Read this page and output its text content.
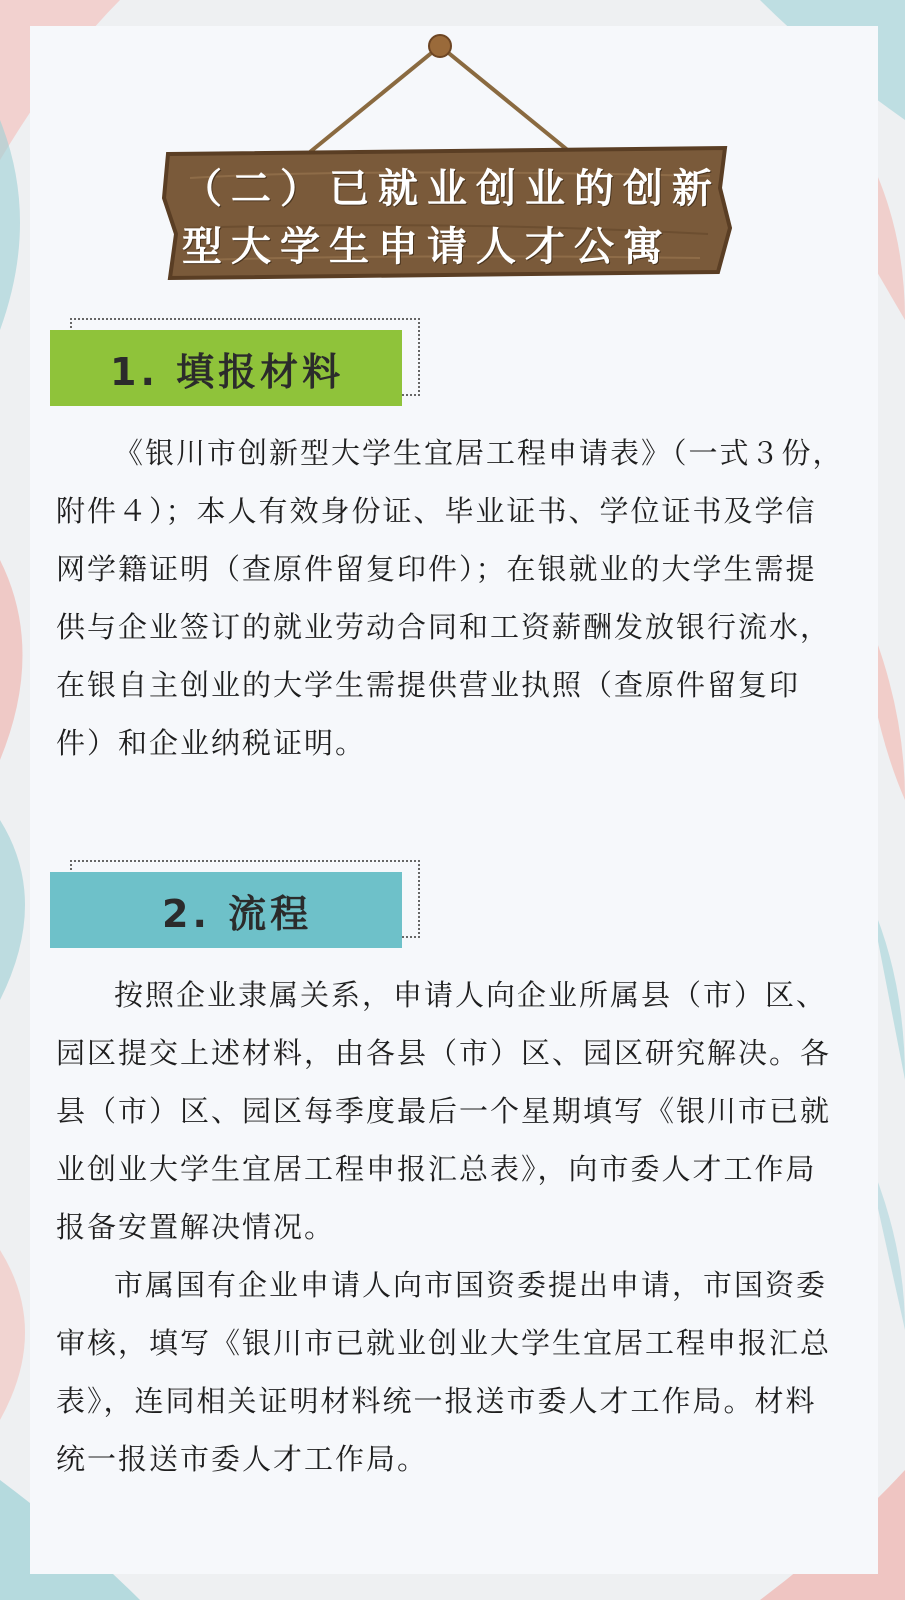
（二）已就业创业的创新
型大学生申请人才公寓
1. 填报材料

《银川市创新型大学生宜居工程申请表》（一式３份，附件４）；本人有效身份证、毕业证书、学位证书及学信网学籍证明（查原件留复印件）；在银就业的大学生需提供与企业签订的就业劳动合同和工资薪酬发放银行流水，在银自主创业的大学生需提供营业执照（查原件留复印件）和企业纳税证明。

2. 流程

按照企业隶属关系，申请人向企业所属县（市）区、园区提交上述材料，由各县（市）区、园区研究解决。各县（市）区、园区每季度最后一个星期填写《银川市已就业创业大学生宜居工程申报汇总表》，向市委人才工作局报备安置解决情况。

市属国有企业申请人向市国资委提出申请，市国资委审核，填写《银川市已就业创业大学生宜居工程申报汇总表》，连同相关证明材料统一报送市委人才工作局。材料统一报送市委人才工作局。
